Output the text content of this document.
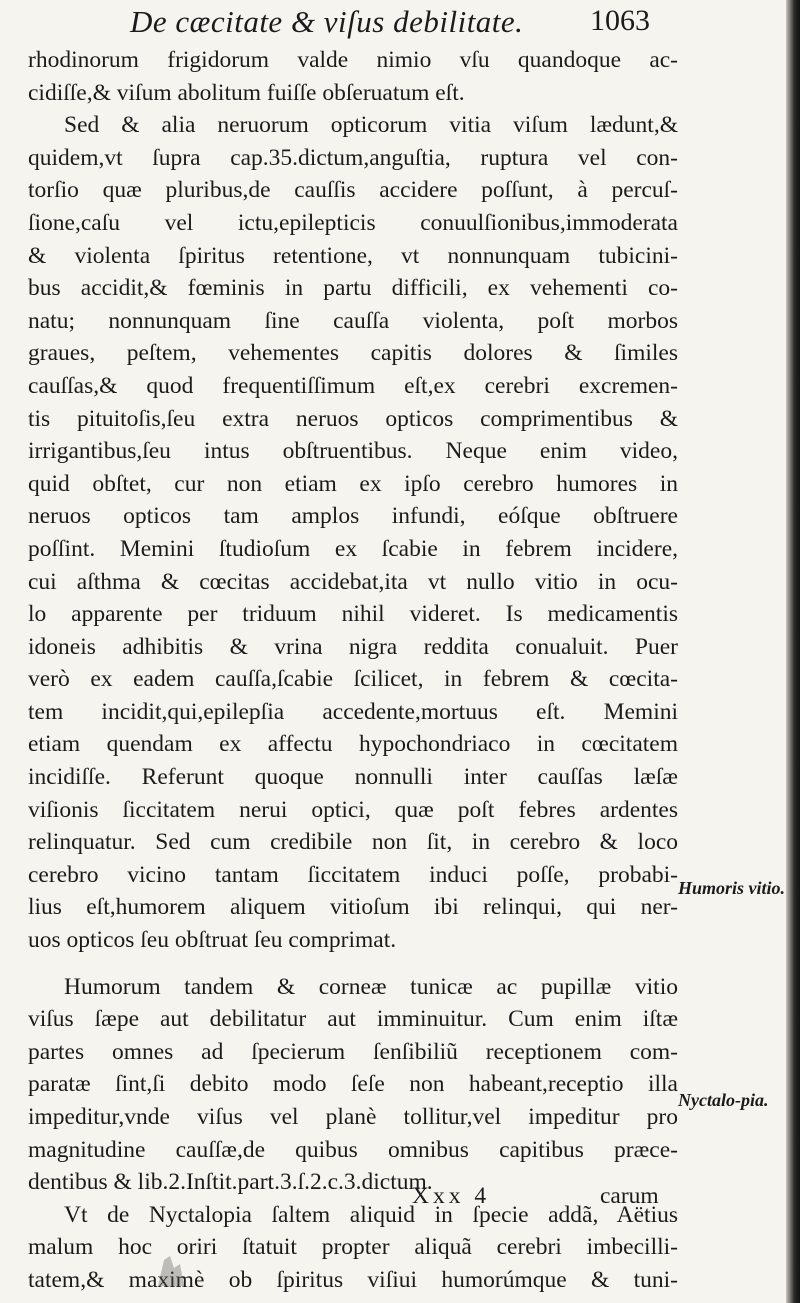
De cæcitate & viſus debilitate. 1063
rhodinorum frigidorum valde nimio vſu quandoque ac-
cidiſſe,& viſum abolitum fuiſſe obſeruatum eſt.
Sed & alia neruorum opticorum vitia viſum lædunt,&
quidem,vt ſupra cap.35.dictum,anguſtia, ruptura vel con-
torſio quæ pluribus,de cauſſis accidere poſſunt, à percuſ-
ſione,caſu vel ictu,epilepticis conuulſionibus,immoderata
& violenta ſpiritus retentione, vt nonnunquam tubicini-
bus accidit,& fœminis in partu difficili, ex vehementi co-
natu; nonnunquam ſine cauſſa violenta, poſt morbos
graues, peſtem, vehementes capitis dolores & ſimiles
cauſſas,& quod frequentiſſimum eſt,ex cerebri excremen-
tis pituitoſis,ſeu extra neruos opticos comprimentibus &
irrigantibus,ſeu intus obſtruentibus. Neque enim video,
quid obſtet, cur non etiam ex ipſo cerebro humores in
neruos opticos tam amplos infundi, eóſque obſtruere
poſſint. Memini ſtudioſum ex ſcabie in febrem incidere,
cui aſthma & cœcitas accidebat,ita vt nullo vitio in ocu-
lo apparente per triduum nihil videret. Is medicamentis
idoneis adhibitis & vrina nigra reddita conualuit. Puer
verò ex eadem cauſſa,ſcabie ſcilicet, in febrem & cœcita-
tem incidit,qui,epilepſia accedente,mortuus eſt. Memini
etiam quendam ex affectu hypochondriaco in cœcitatem
incidiſſe. Referunt quoque nonnulli inter cauſſas læſæ
viſionis ſiccitatem nerui optici, quæ poſt febres ardentes
relinquatur. Sed cum credibile non ſit, in cerebro & loco
cerebro vicino tantam ſiccitatem induci poſſe, probabi-
lius eſt,humorem aliquem vitioſum ibi relinqui, qui ner-
uos opticos ſeu obſtruat ſeu comprimat.
Humorum tandem & corneæ tunicæ ac pupillæ vitio
viſus ſæpe aut debilitatur aut imminuitur. Cum enim iſtæ
partes omnes ad ſpecierum ſenſibiliũ receptionem com-
paratæ ſint,ſi debito modo ſeſe non habeant,receptio illa
impeditur,vnde viſus vel planè tollitur,vel impeditur pro
magnitudine cauſſæ,de quibus omnibus capitibus præce-
dentibus & lib.2.Inſtit.part.3.ſ.2.c.3.dictum.
Vt de Nyctalopia ſaltem aliquid in ſpecie addã, Aëtius
malum hoc oriri ſtatuit propter aliquã cerebri imbecilli-
tatem,& maximè ob ſpiritus viſiui humorúmque & tuni-
Humoris vitio.
Nyctalo-pia.
Xxx 4	carum
